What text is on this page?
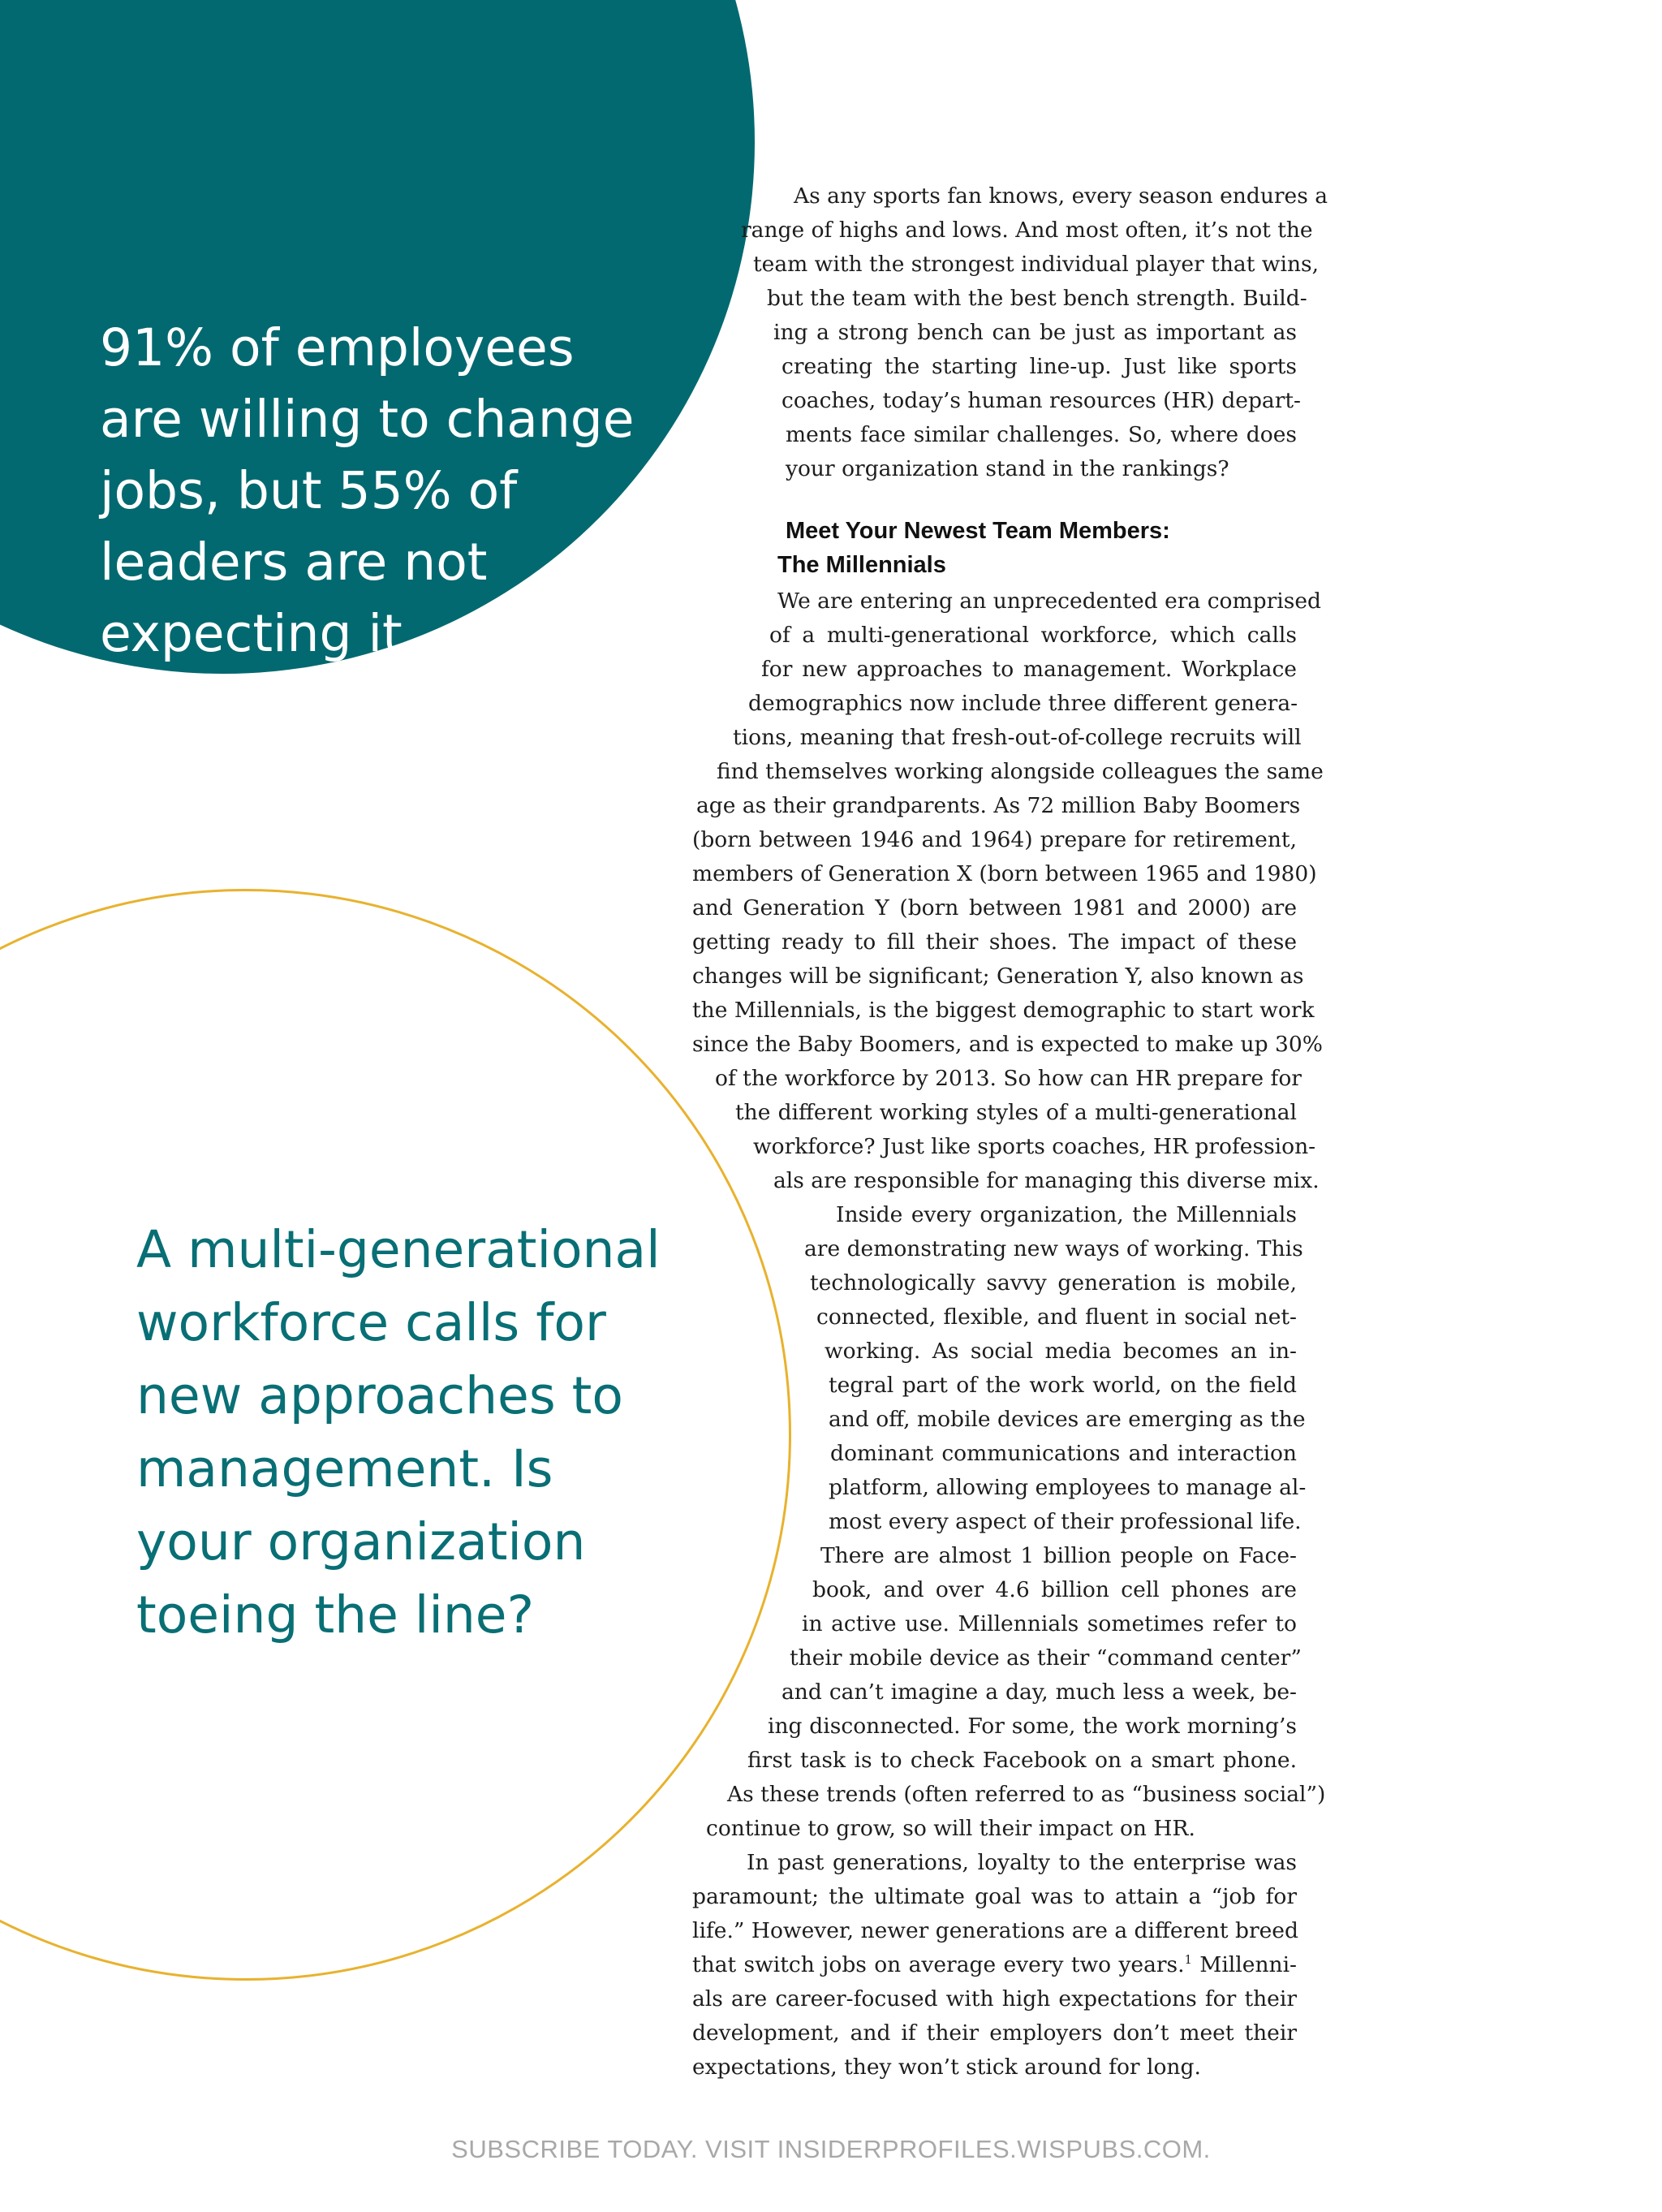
91% of employees are willing to change jobs, but 55% of leaders are not expecting it.

A multi-generational workforce calls for new approaches to management. Is your organization toeing the line?

As any sports fan knows, every season endures a

range of highs and lows. And most often, it’s not the

team with the strongest individual player that wins,

but the team with the best bench strength. Build-

ing a strong bench can be just as important as

creating the starting line-up. Just like sports

coaches, today’s human resources (HR) depart-

ments face similar challenges. So, where does

your organization stand in the rankings?

Meet Your Newest Team Members:

The Millennials

We are entering an unprecedented era comprised

of a multi-generational workforce, which calls

for new approaches to management. Workplace

demographics now include three different genera-

tions, meaning that fresh-out-of-college recruits will

find themselves working alongside colleagues the same

age as their grandparents. As 72 million Baby Boomers

(born between 1946 and 1964) prepare for retirement,

members of Generation X (born between 1965 and 1980)

and Generation Y (born between 1981 and 2000) are

getting ready to fill their shoes. The impact of these

changes will be significant; Generation Y, also known as

the Millennials, is the biggest demographic to start work

since the Baby Boomers, and is expected to make up 30%

of the workforce by 2013. So how can HR prepare for

the different working styles of a multi-generational

workforce? Just like sports coaches, HR profession-

als are responsible for managing this diverse mix.

Inside every organization, the Millennials

are demonstrating new ways of working. This

technologically savvy generation is mobile,

connected, flexible, and fluent in social net-

working. As social media becomes an in-

tegral part of the work world, on the field

and off, mobile devices are emerging as the

dominant communications and interaction

platform, allowing employees to manage al-

most every aspect of their professional life.

There are almost 1 billion people on Face-

book, and over 4.6 billion cell phones are

in active use. Millennials sometimes refer to

their mobile device as their “command center”

and can’t imagine a day, much less a week, be-

ing disconnected. For some, the work morning’s

first task is to check Facebook on a smart phone.

As these trends (often referred to as “business social”)

continue to grow, so will their impact on HR.

In past generations, loyalty to the enterprise was

paramount; the ultimate goal was to attain a “job for

life.” However, newer generations are a different breed

that switch jobs on average every two years.$^1$ Millenni-

als are career-focused with high expectations for their

development, and if their employers don’t meet their

expectations, they won’t stick around for long.

SUBSCRIBE TODAY. VISIT INSIDERPROFILES.WISPUBS.COM.
